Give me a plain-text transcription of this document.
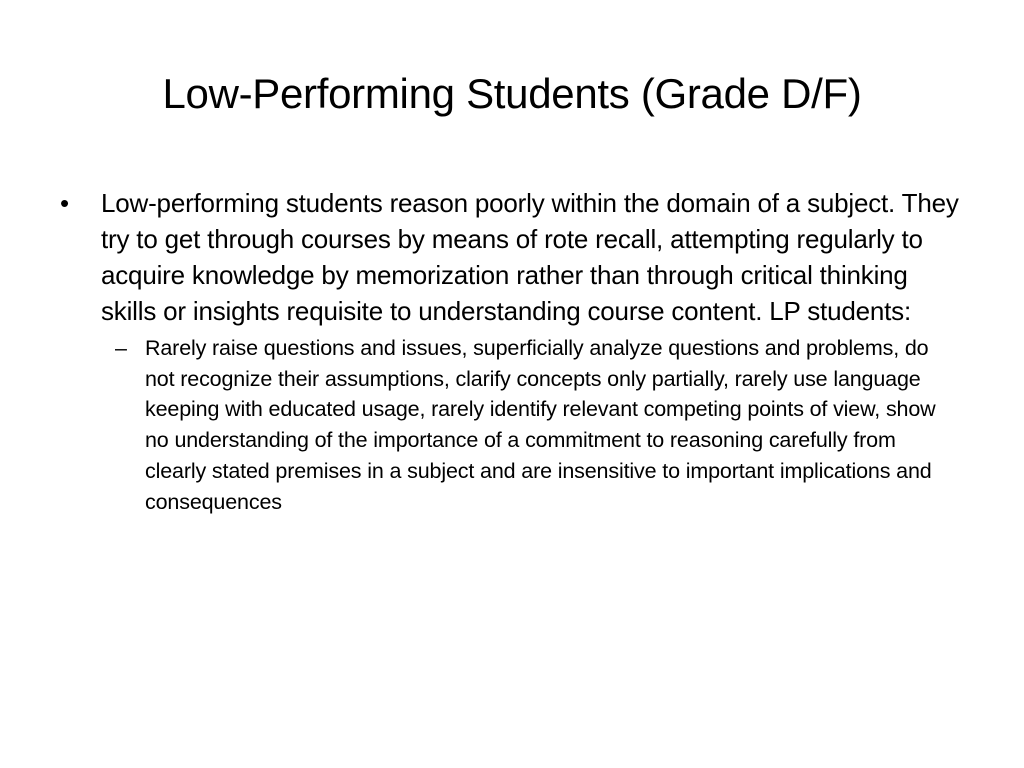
Low-Performing Students (Grade D/F)
•	Low-performing students reason poorly within the domain of a subject. They try to get through courses by means of rote recall, attempting regularly to acquire knowledge by memorization rather than through critical thinking skills or insights requisite to understanding course content. LP students:
– Rarely raise questions and issues, superficially analyze questions and problems, do not recognize their assumptions, clarify concepts only partially, rarely use language keeping with educated usage, rarely identify relevant competing points of view, show no understanding of the importance of a commitment to reasoning carefully from clearly stated premises in a subject and are insensitive to important implications and consequences
